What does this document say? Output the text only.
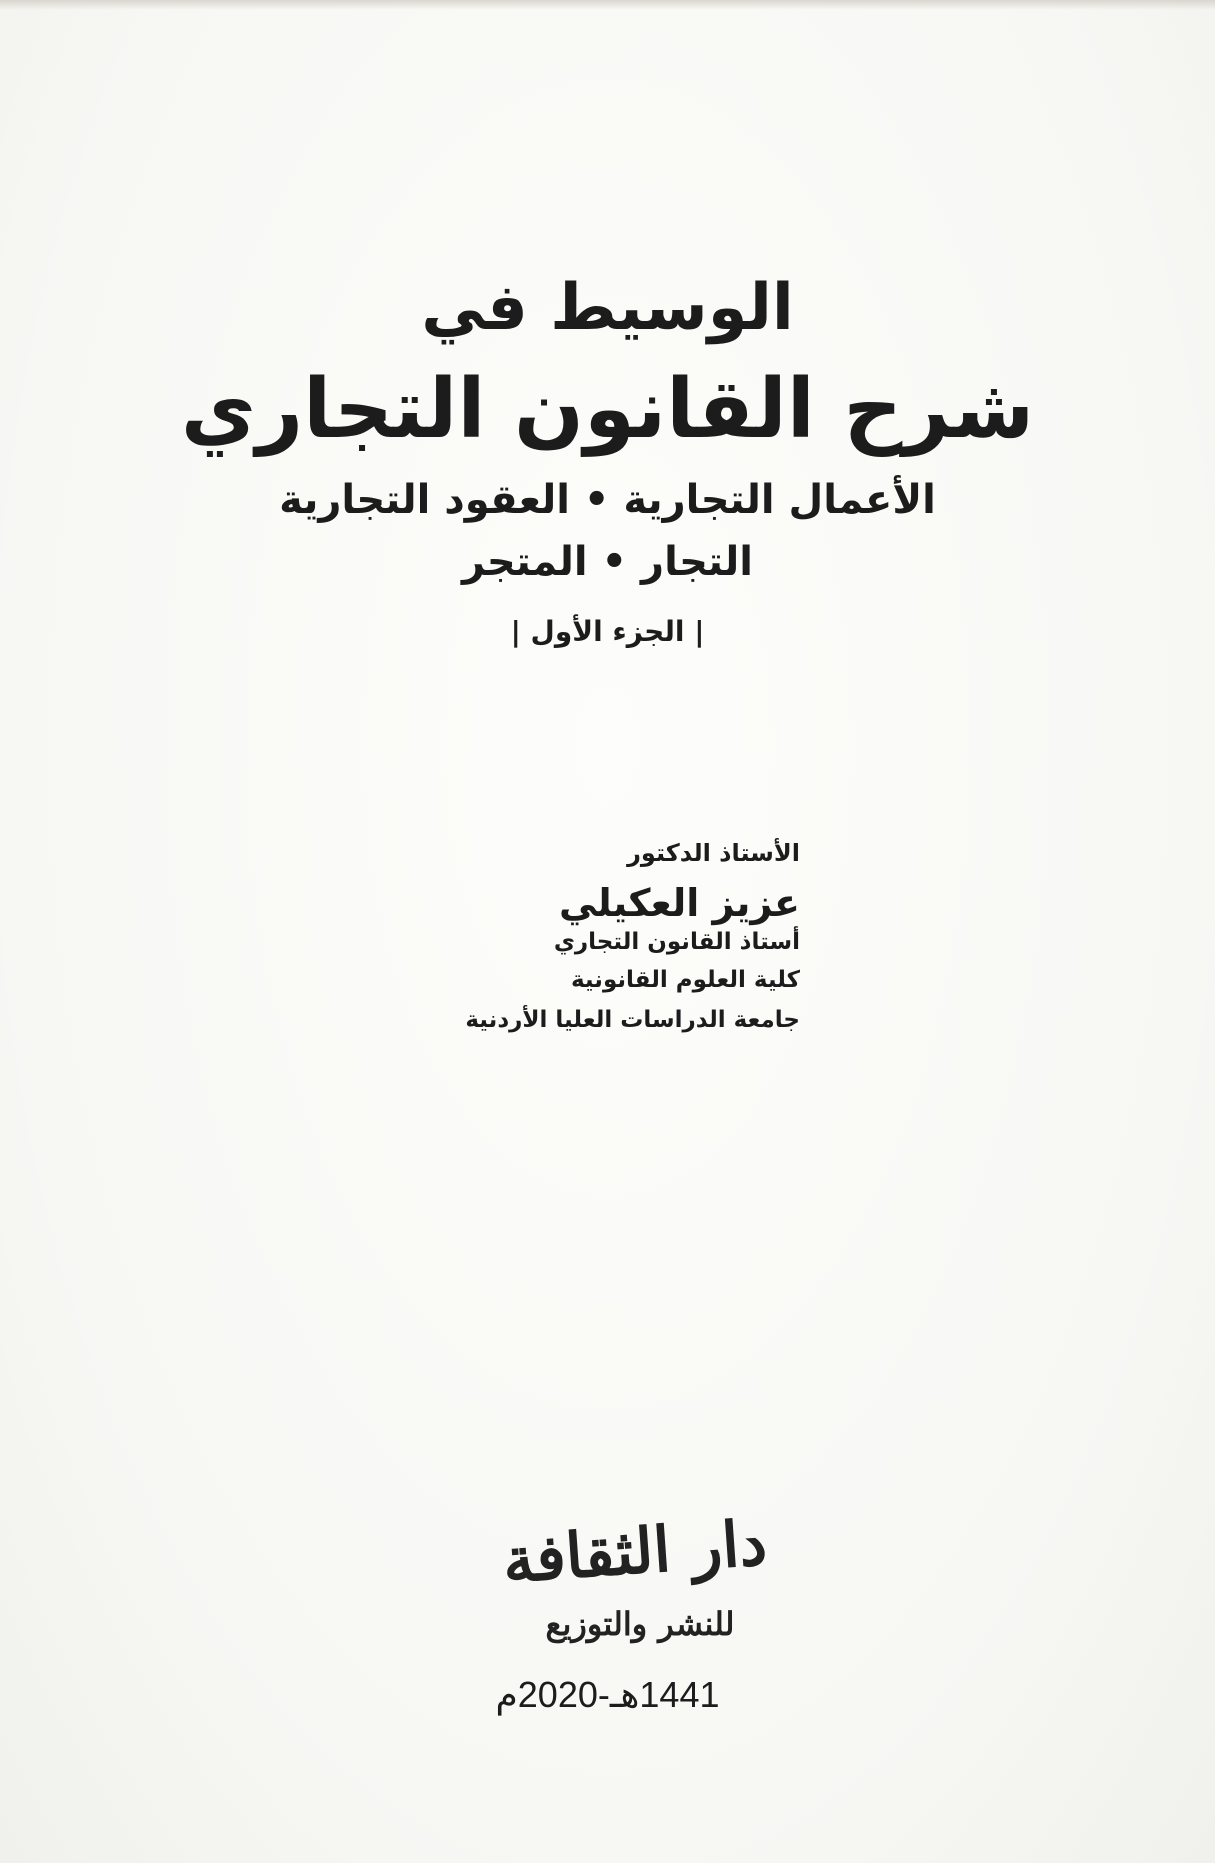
الوسيط في
شرح القانون التجاري
الأعمال التجارية • العقود التجارية
التجار • المتجر
| الجزء الأول |
الأستاذ الدكتور
عزيز العكيلي
أستاذ القانون التجاري
كلية العلوم القانونية
جامعة الدراسات العليا الأردنية
دار الثقافة
للنشر والتوزيع
1441هـ-2020م
